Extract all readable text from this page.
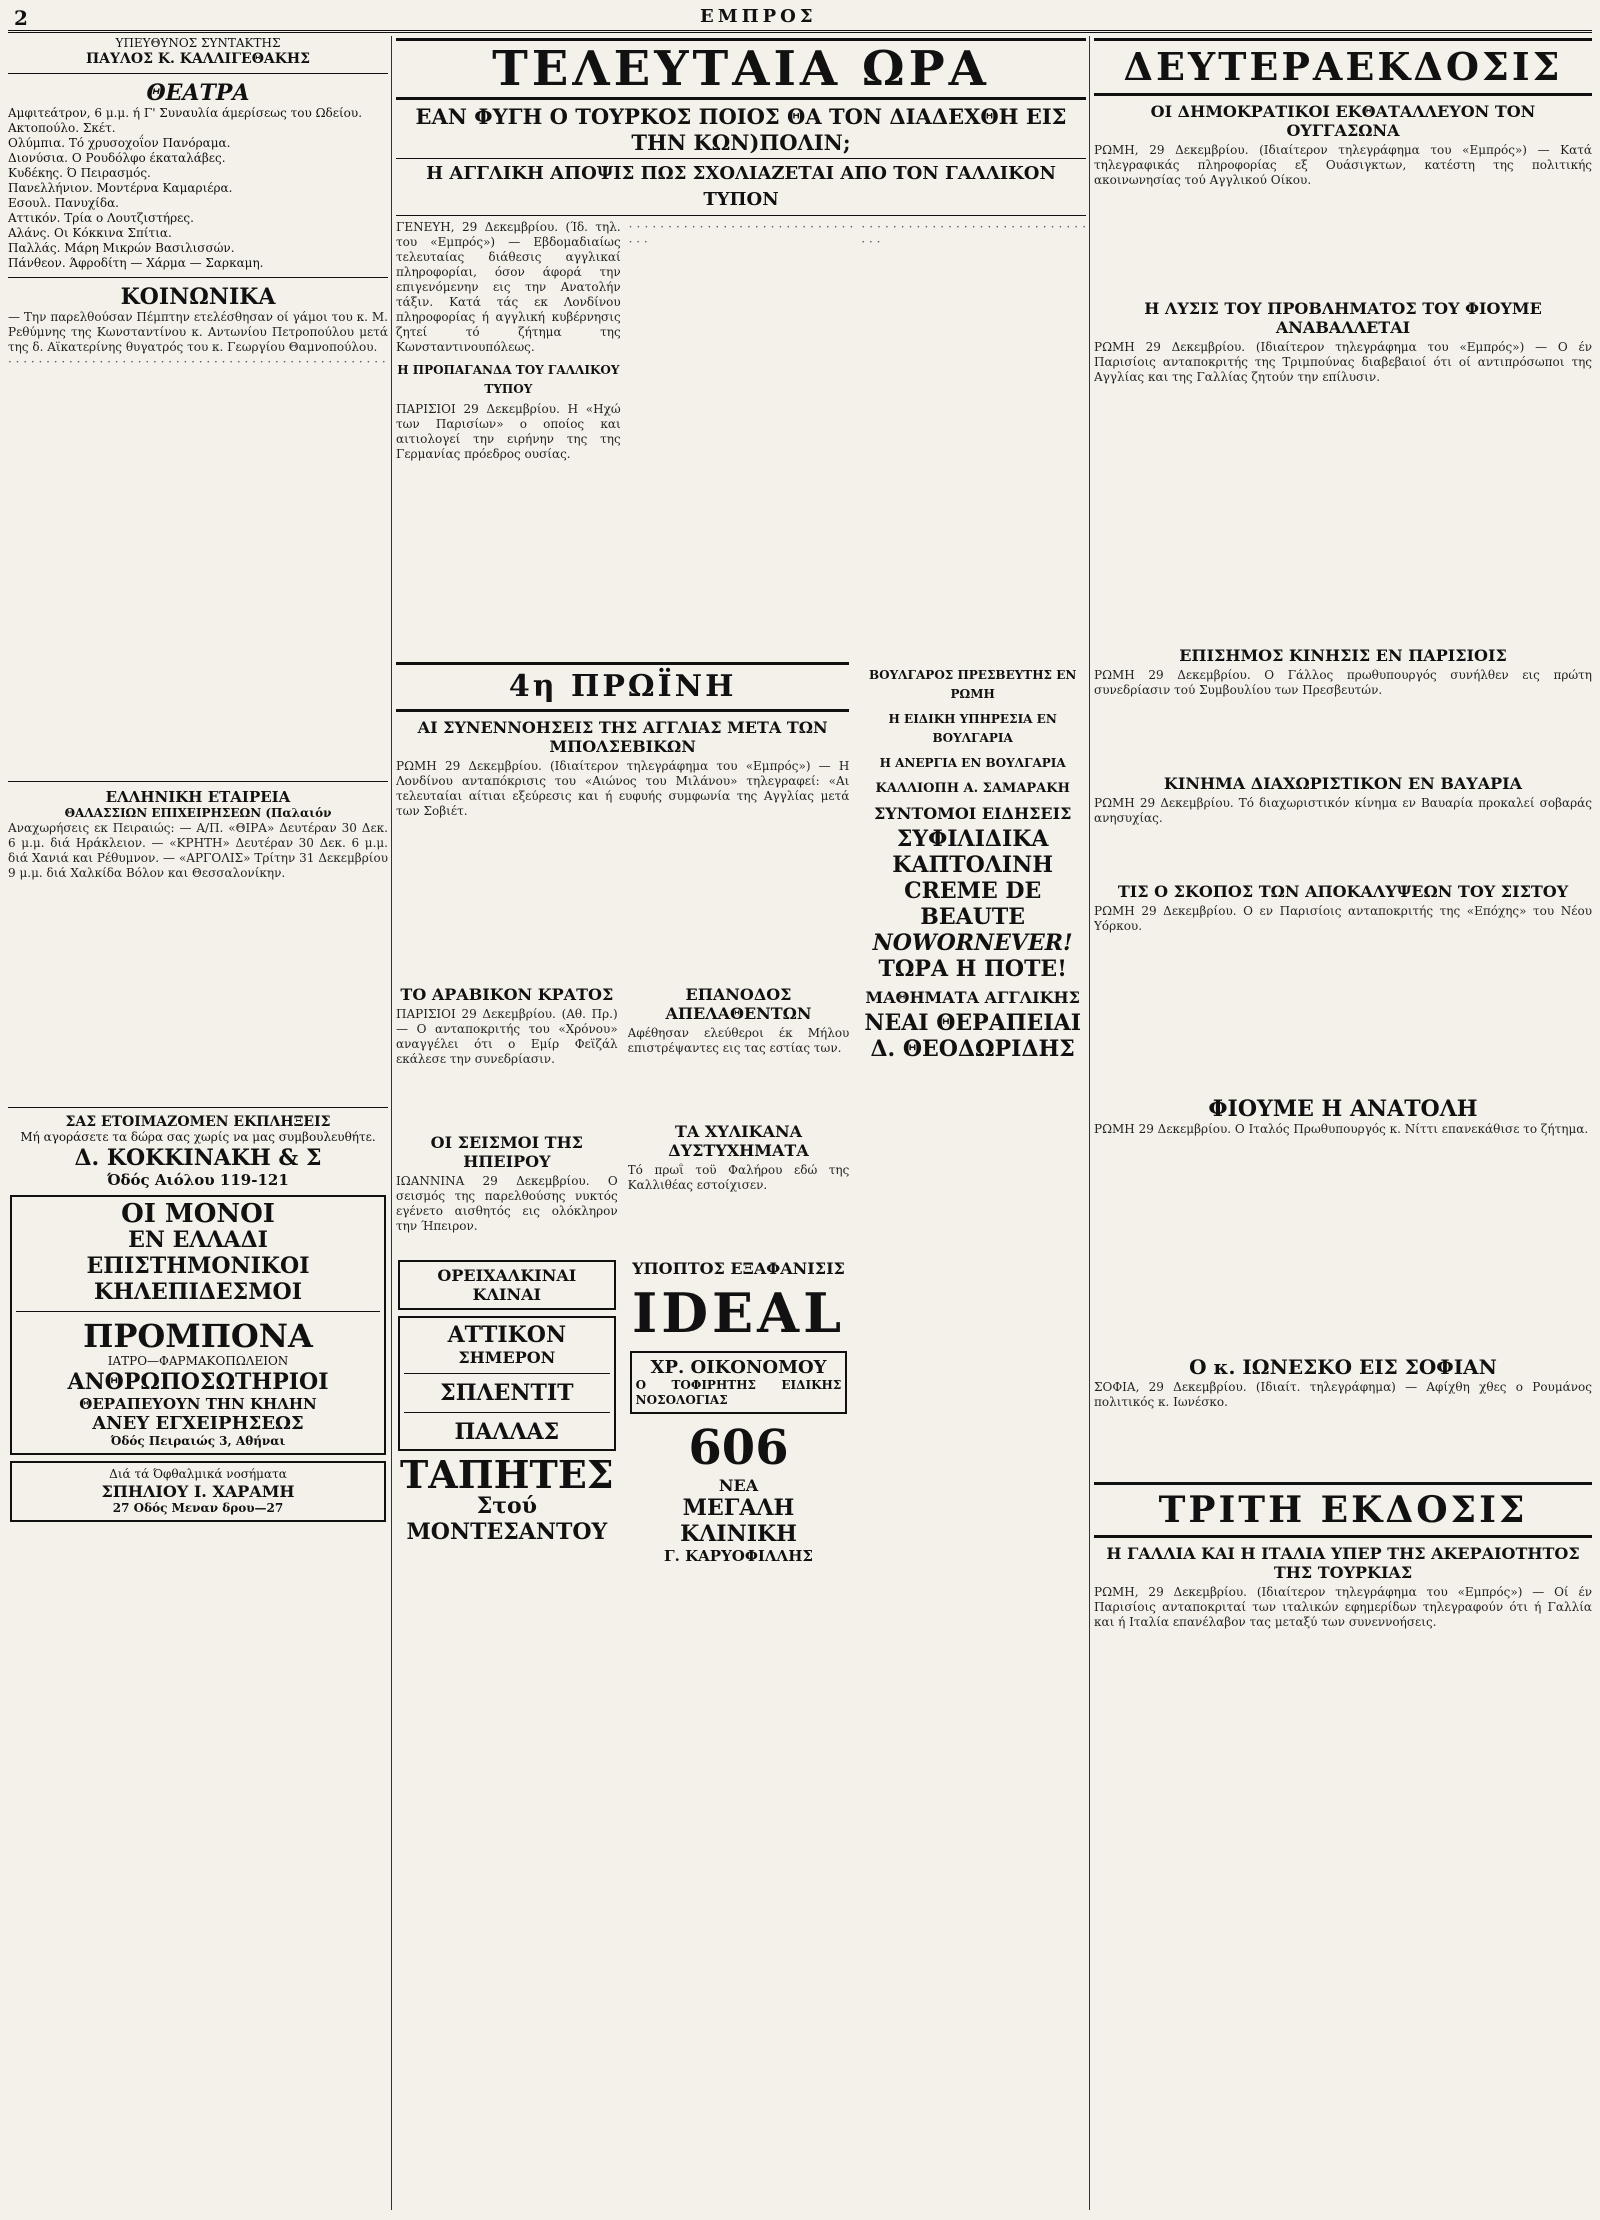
2	ΕΜΠΡΟΣ

ΥΠΕΥΘΥΝΟΣ ΣΥΝΤΑΚΤΗΣ

ΠΑΥΛΟΣ Κ. ΚΑΛΛΙΓΕΘΑΚΗΣ

ΘΕΑΤΡΑ

Αμφιτεάτρον, 6 μ.μ. ή Γ' Συναυλία άμερίσεως του Ωδείου.

Ακτοπούλο. Σκέτ.

Ολύμπια. Τό χρυσοχοΐον Πανόραμα.

Διονύσια. Ο Ρουδόλφο έκαταλάβες.

Κυδέκης. Ό Πειρασμός.

Πανελλήνιον. Μοντέρνα Καμαριέρα.

Εσουλ. Πανυχίδα.

Αττικόν. Τρία ο Λουτζιστήρες.

Αλάνς. Οι Κόκκινα Σπίτια.

Παλλάς. Μάρη Μικρών Βασιλισσών.

Πάνθεον. Άφροδίτη — Χάρμα — Σαρκαμη.

ΚΟΙΝΩΝΙΚΑ

— Την παρελθούσαν Πέμπτην ετελέσθησαν οί γάμοι του κ. Μ. Ρεθύμνης της Κωνσταντίνου κ. Αντωνίου Πετροπούλου μετά της δ. Αϊκατερίνης θυγατρός του κ. Γεωργίου Θαμνοπούλου.

· · · · · · · · · · · · · · · · · · · · · · · · · · · · · · · · · · · · · · · · · · · · · · · · · ·

ΕΛΛΗΝΙΚΗ ΕΤΑΙΡΕΙΑ

ΘΑΛΑΣΣΙΩΝ ΕΠΙΧΕΙΡΗΣΕΩΝ (Παλαιόν

Αναχωρήσεις εκ Πειραιώς: — Α/Π. «ΘΙΡΑ» Δευτέραν 30 Δεκ. 6 μ.μ. διά Ηράκλειον. — «ΚΡΗΤΗ» Δευτέραν 30 Δεκ. 6 μ.μ. διά Χανιά και Ρέθυμνον. — «ΑΡΓΟΛΙΣ» Τρίτην 31 Δεκεμβρίου 9 μ.μ. διά Χαλκίδα Βόλον και Θεσσαλονίκην.

ΣΑΣ ΕΤΟΙΜΑΖΟΜΕΝ ΕΚΠΛΗΞΕΙΣ

Μή αγοράσετε τα δώρα σας χωρίς να μας συμβουλευθήτε.

Δ. ΚΟΚΚΙΝΑΚΗ & Σ

Όδός Αιόλου 119-121

ΟΙ ΜΟΝΟΙ

ΕΝ ΕΛΛΑΔΙ

ΕΠΙΣΤΗΜΟΝΙΚΟΙ

ΚΗΛΕΠΙΔΕΣΜΟΙ

ΠΡΟΜΠΟΝΑ

ΙΑΤΡΟ—ΦΑΡΜΑΚΟΠΩΛΕΙΟΝ

ΑΝΘΡΩΠΟΣΩΤΗΡΙΟΙ

ΘΕΡΑΠΕΥΟΥΝ ΤΗΝ ΚΗΛΗΝ

ΑΝΕΥ ΕΓΧΕΙΡΗΣΕΩΣ

Όδός Πειραιώς 3, Αθήναι

Διά τά Όφθαλμικά νοσήματα

ΣΠΗΛΙΟΥ Ι. ΧΑΡΑΜΗ

27 Οδός Μεναν δρου—27

ΤΕΛΕΥΤΑΙΑ ΩΡΑ
ΕΑΝ ΦΥΓΗ Ο ΤΟΥΡΚΟΣ ΠΟΙΟΣ ΘΑ ΤΟΝ ΔΙΑΔΕΧΘΗ ΕΙΣ ΤΗΝ ΚΩΝ)ΠΟΛΙΝ;
Η ΑΓΓΛΙΚΗ ΑΠΟΨΙΣ ΠΩΣ ΣΧΟΛΙΑΖΕΤΑΙ ΑΠΟ ΤΟΝ ΓΑΛΛΙΚΟΝ ΤΥΠΟΝ

ΓΕΝΕΥΗ, 29 Δεκεμβρίου. (Ίδ. τηλ. του «Εμπρός») — Εβδομαδιαίως τελευταίας διάθεσις αγγλικαί πληροφορίαι, όσον άφορά την επιγενόμενην εις την Ανατολήν τάξιν. Κατά τάς εκ Λονδίνου πληροφορίας ή αγγλική κυβέρνησις ζητεί τό ζήτημα της Κωνσταντινουπόλεως.

Η ΠΡΟΠΑΓΑΝΔΑ ΤΟΥ ΓΑΛΛΙΚΟΥ ΤΥΠΟΥ

ΠΑΡΙΣΙΟΙ 29 Δεκεμβρίου. Η «Ηχώ των Παρισίων» ο οποίος και αιτιολογεί την ειρήνην της της Γερμανίας πρόεδρος ουσίας.

· · · · · · · · · · · · · · · · · · · · · · · · · · · · · · · ·

· · · · · · · · · · · · · · · · · · · · · · · · · · · · · · · ·

4η ΠΡΩΪΝΗ

ΑΙ ΣΥΝΕΝΝΟΗΣΕΙΣ ΤΗΣ ΑΓΓΛΙΑΣ ΜΕΤΑ ΤΩΝ ΜΠΟΛΣΕΒΙΚΩΝ

ΡΩΜΗ 29 Δεκεμβρίου. (Ιδιαίτερον τηλεγράφημα του «Εμπρός») — Η Λονδίνου ανταπόκρισις του «Αιώνος του Μιλάνου» τηλεγραφεί: «Αι τελευταίαι αίτιαι εξεύρεσις και ή ευφυής συμφωνία της Αγγλίας μετά των Σοβιέτ.

ΤΟ ΑΡΑΒΙΚΟΝ ΚΡΑΤΟΣ

ΠΑΡΙΣΙΟΙ 29 Δεκεμβρίου. (Αθ. Πρ.) — Ο ανταποκριτής του «Χρόνου» αναγγέλει ότι ο Εμίρ Φεϊζάλ εκάλεσε την συνεδρίασιν.

ΟΙ ΣΕΙΣΜΟΙ ΤΗΣ ΗΠΕΙΡΟΥ

ΙΩΑΝΝΙΝΑ 29 Δεκεμβρίου. Ο σεισμός της παρελθούσης νυκτός εγένετο αισθητός εις ολόκληρον την Ήπειρον.

ΟΡΕΙΧΑΛΚΙΝΑΙ ΚΛΙΝΑΙ

ΑΤΤΙΚΟΝ

ΣΗΜΕΡΟΝ

ΣΠΛΕΝΤΙΤ

ΠΑΛΛΑΣ

ΤΑΠΗΤΕΣ

Στού ΜΟΝΤΕΣΑΝΤΟΥ

ΕΠΑΝΟΔΟΣ ΑΠΕΛΑΘΕΝΤΩΝ

Αφέθησαν ελεύθεροι έκ Μήλου επιστρέψαντες εις τας εστίας των.

ΤΑ ΧΥΛΙΚΑΝΑ ΔΥΣΤΥΧΗΜΑΤΑ

Τό πρωΐ τοϋ Φαλήρου εδώ της Καλλιθέας εστοίχισεν.

ΥΠΟΠΤΟΣ ΕΞΑΦΑΝΙΣΙΣ

IDEAL

ΧΡ. ΟΙΚΟΝΟΜΟΥ

Ο ΤΟΦΙΡΗΤΗΣ ΕΙΔΙΚΗΣ ΝΟΣΟΛΟΓΙΑΣ

606

ΝΕΑ

ΜΕΓΑΛΗ ΚΛΙΝΙΚΗ

Γ. ΚΑΡΥΟΦΙΛΛΗΣ

ΒΟΥΛΓΑΡΟΣ ΠΡΕΣΒΕΥΤΗΣ ΕΝ ΡΩΜΗ

Η ΕΙΔΙΚΗ ΥΠΗΡΕΣΙΑ ΕΝ ΒΟΥΛΓΑΡΙΑ

Η ΑΝΕΡΓΙΑ ΕΝ ΒΟΥΛΓΑΡΙΑ

ΚΑΛΛΙΟΠΗ Α. ΣΑΜΑΡΑΚΗ

ΣΥΝΤΟΜΟΙ ΕΙΔΗΣΕΙΣ

ΣΥΦΙΛΙΔΙΚΑ

ΚΑΠΤΟΛΙΝΗ

CREME DE BEAUTE

NOWORNEVER!

ΤΩΡΑ Η ΠΟΤΕ!

ΜΑΘΗΜΑΤΑ ΑΓΓΛΙΚΗΣ

ΝΕΑΙ ΘΕΡΑΠΕΙΑΙ

Δ. ΘΕΟΔΩΡΙΔΗΣ

ΔΕΥΤΕΡΑΕΚΔΟΣΙΣ

ΟΙ ΔΗΜΟΚΡΑΤΙΚΟΙ ΕΚΘΑΤΑΛΛΕΥΟΝ ΤΟΝ ΟΥΓΓΑΣΩΝΑ

ΡΩΜΗ, 29 Δεκεμβρίου. (Ιδιαίτερον τηλεγράφημα του «Εμπρός») — Κατά τηλεγραφικάς πληροφορίας εξ Ουάσιγκτων, κατέστη της πολιτικής ακοινωνησίας τού Αγγλικού Οίκου.

Η ΛΥΣΙΣ ΤΟΥ ΠΡΟΒΛΗΜΑΤΟΣ ΤΟΥ ΦΙΟΥΜΕ ΑΝΑΒΑΛΛΕΤΑΙ

ΡΩΜΗ 29 Δεκεμβρίου. (Ιδιαίτερον τηλεγράφημα του «Εμπρός») — Ο έν Παρισίοις ανταποκριτής της Τριμπούνας διαβεβαιοί ότι οί αντιπρόσωποι της Αγγλίας και της Γαλλίας ζητούν την επίλυσιν.

ΕΠΙΣΗΜΟΣ ΚΙΝΗΣΙΣ ΕΝ ΠΑΡΙΣΙΟΙΣ

ΡΩΜΗ 29 Δεκεμβρίου. Ο Γάλλος πρωθυπουργός συνήλθεν εις πρώτη συνεδρίασιν τού Συμβουλίου των Πρεσβευτών.

ΚΙΝΗΜΑ ΔΙΑΧΩΡΙΣΤΙΚΟΝ ΕΝ ΒΑΥΑΡΙΑ

ΡΩΜΗ 29 Δεκεμβρίου. Τό διαχωριστικόν κίνημα εν Βαυαρία προκαλεί σοβαράς ανησυχίας.

ΤΙΣ Ο ΣΚΟΠΟΣ ΤΩΝ ΑΠΟΚΑΛΥΨΕΩΝ ΤΟΥ ΣΙΣΤΟΥ

ΡΩΜΗ 29 Δεκεμβρίου. Ο εν Παρισίοις ανταποκριτής της «Επόχης» του Νέου Υόρκου.

ΦΙΟΥΜΕ Η ΑΝΑΤΟΛΗ

ΡΩΜΗ 29 Δεκεμβρίου. Ο Ιταλός Πρωθυπουργός κ. Νίττι επανεκάθισε το ζήτημα.

Ο κ. ΙΩΝΕΣΚΟ ΕΙΣ ΣΟΦΙΑΝ

ΣΟΦΙΑ, 29 Δεκεμβρίου. (Ιδιαίτ. τηλεγράφημα) — Αφίχθη χθες ο Ρουμάνος πολιτικός κ. Ιωνέσκο.

ΤΡΙΤΗ ΕΚΔΟΣΙΣ

Η ΓΑΛΛΙΑ ΚΑΙ Η ΙΤΑΛΙΑ ΥΠΕΡ ΤΗΣ ΑΚΕΡΑΙΟΤΗΤΟΣ ΤΗΣ ΤΟΥΡΚΙΑΣ

ΡΩΜΗ, 29 Δεκεμβρίου. (Ιδιαίτερον τηλεγράφημα του «Εμπρός») — Οί έν Παρισίοις ανταποκριταί των ιταλικών εφημερίδων τηλεγραφούν ότι ή Γαλλία και ή Ιταλία επανέλαβον τας μεταξύ των συνεννοήσεις.
